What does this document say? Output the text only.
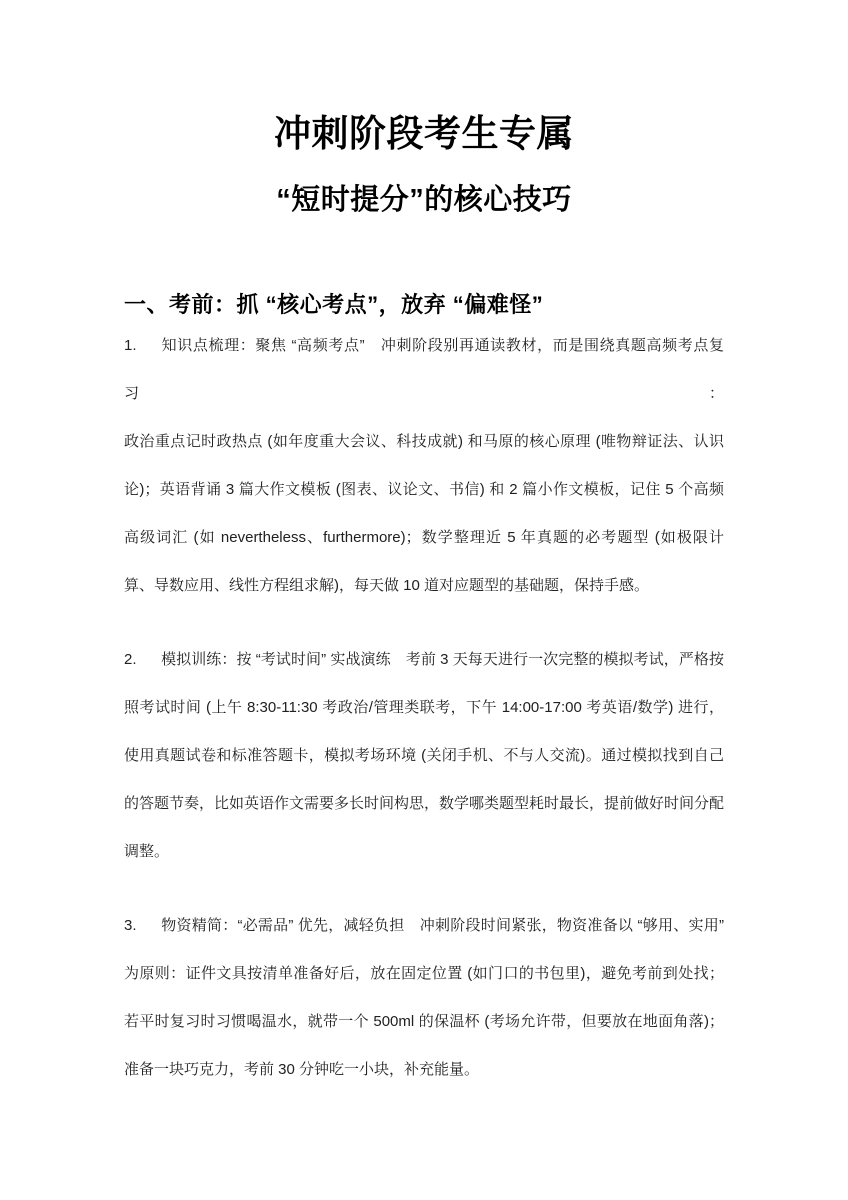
冲刺阶段考生专属
“短时提分”的核心技巧
一、考前：抓 “核心考点”，放弃 “偏难怪”
1. 知识点梳理：聚焦 “高频考点”　冲刺阶段别再通读教材，而是围绕真题高频考点复习：
政治重点记时政热点 (如年度重大会议、科技成就) 和马原的核心原理 (唯物辩证法、认识
论)；英语背诵 3 篇大作文模板 (图表、议论文、书信) 和 2 篇小作文模板，记住 5 个高频
高级词汇 (如 nevertheless、furthermore)；数学整理近 5 年真题的必考题型 (如极限计
算、导数应用、线性方程组求解)，每天做 10 道对应题型的基础题，保持手感。
2. 模拟训练：按 “考试时间” 实战演练　考前 3 天每天进行一次完整的模拟考试，严格按
照考试时间 (上午 8:30-11:30 考政治/管理类联考，下午 14:00-17:00 考英语/数学) 进行，
使用真题试卷和标准答题卡，模拟考场环境 (关闭手机、不与人交流)。通过模拟找到自己
的答题节奏，比如英语作文需要多长时间构思，数学哪类题型耗时最长，提前做好时间分配
调整。
3. 物资精简：“必需品” 优先，减轻负担　冲刺阶段时间紧张，物资准备以 “够用、实用”
为原则：证件文具按清单准备好后，放在固定位置 (如门口的书包里)，避免考前到处找；
若平时复习时习惯喝温水，就带一个 500ml 的保温杯 (考场允许带，但要放在地面角落)；
准备一块巧克力，考前 30 分钟吃一小块，补充能量。
